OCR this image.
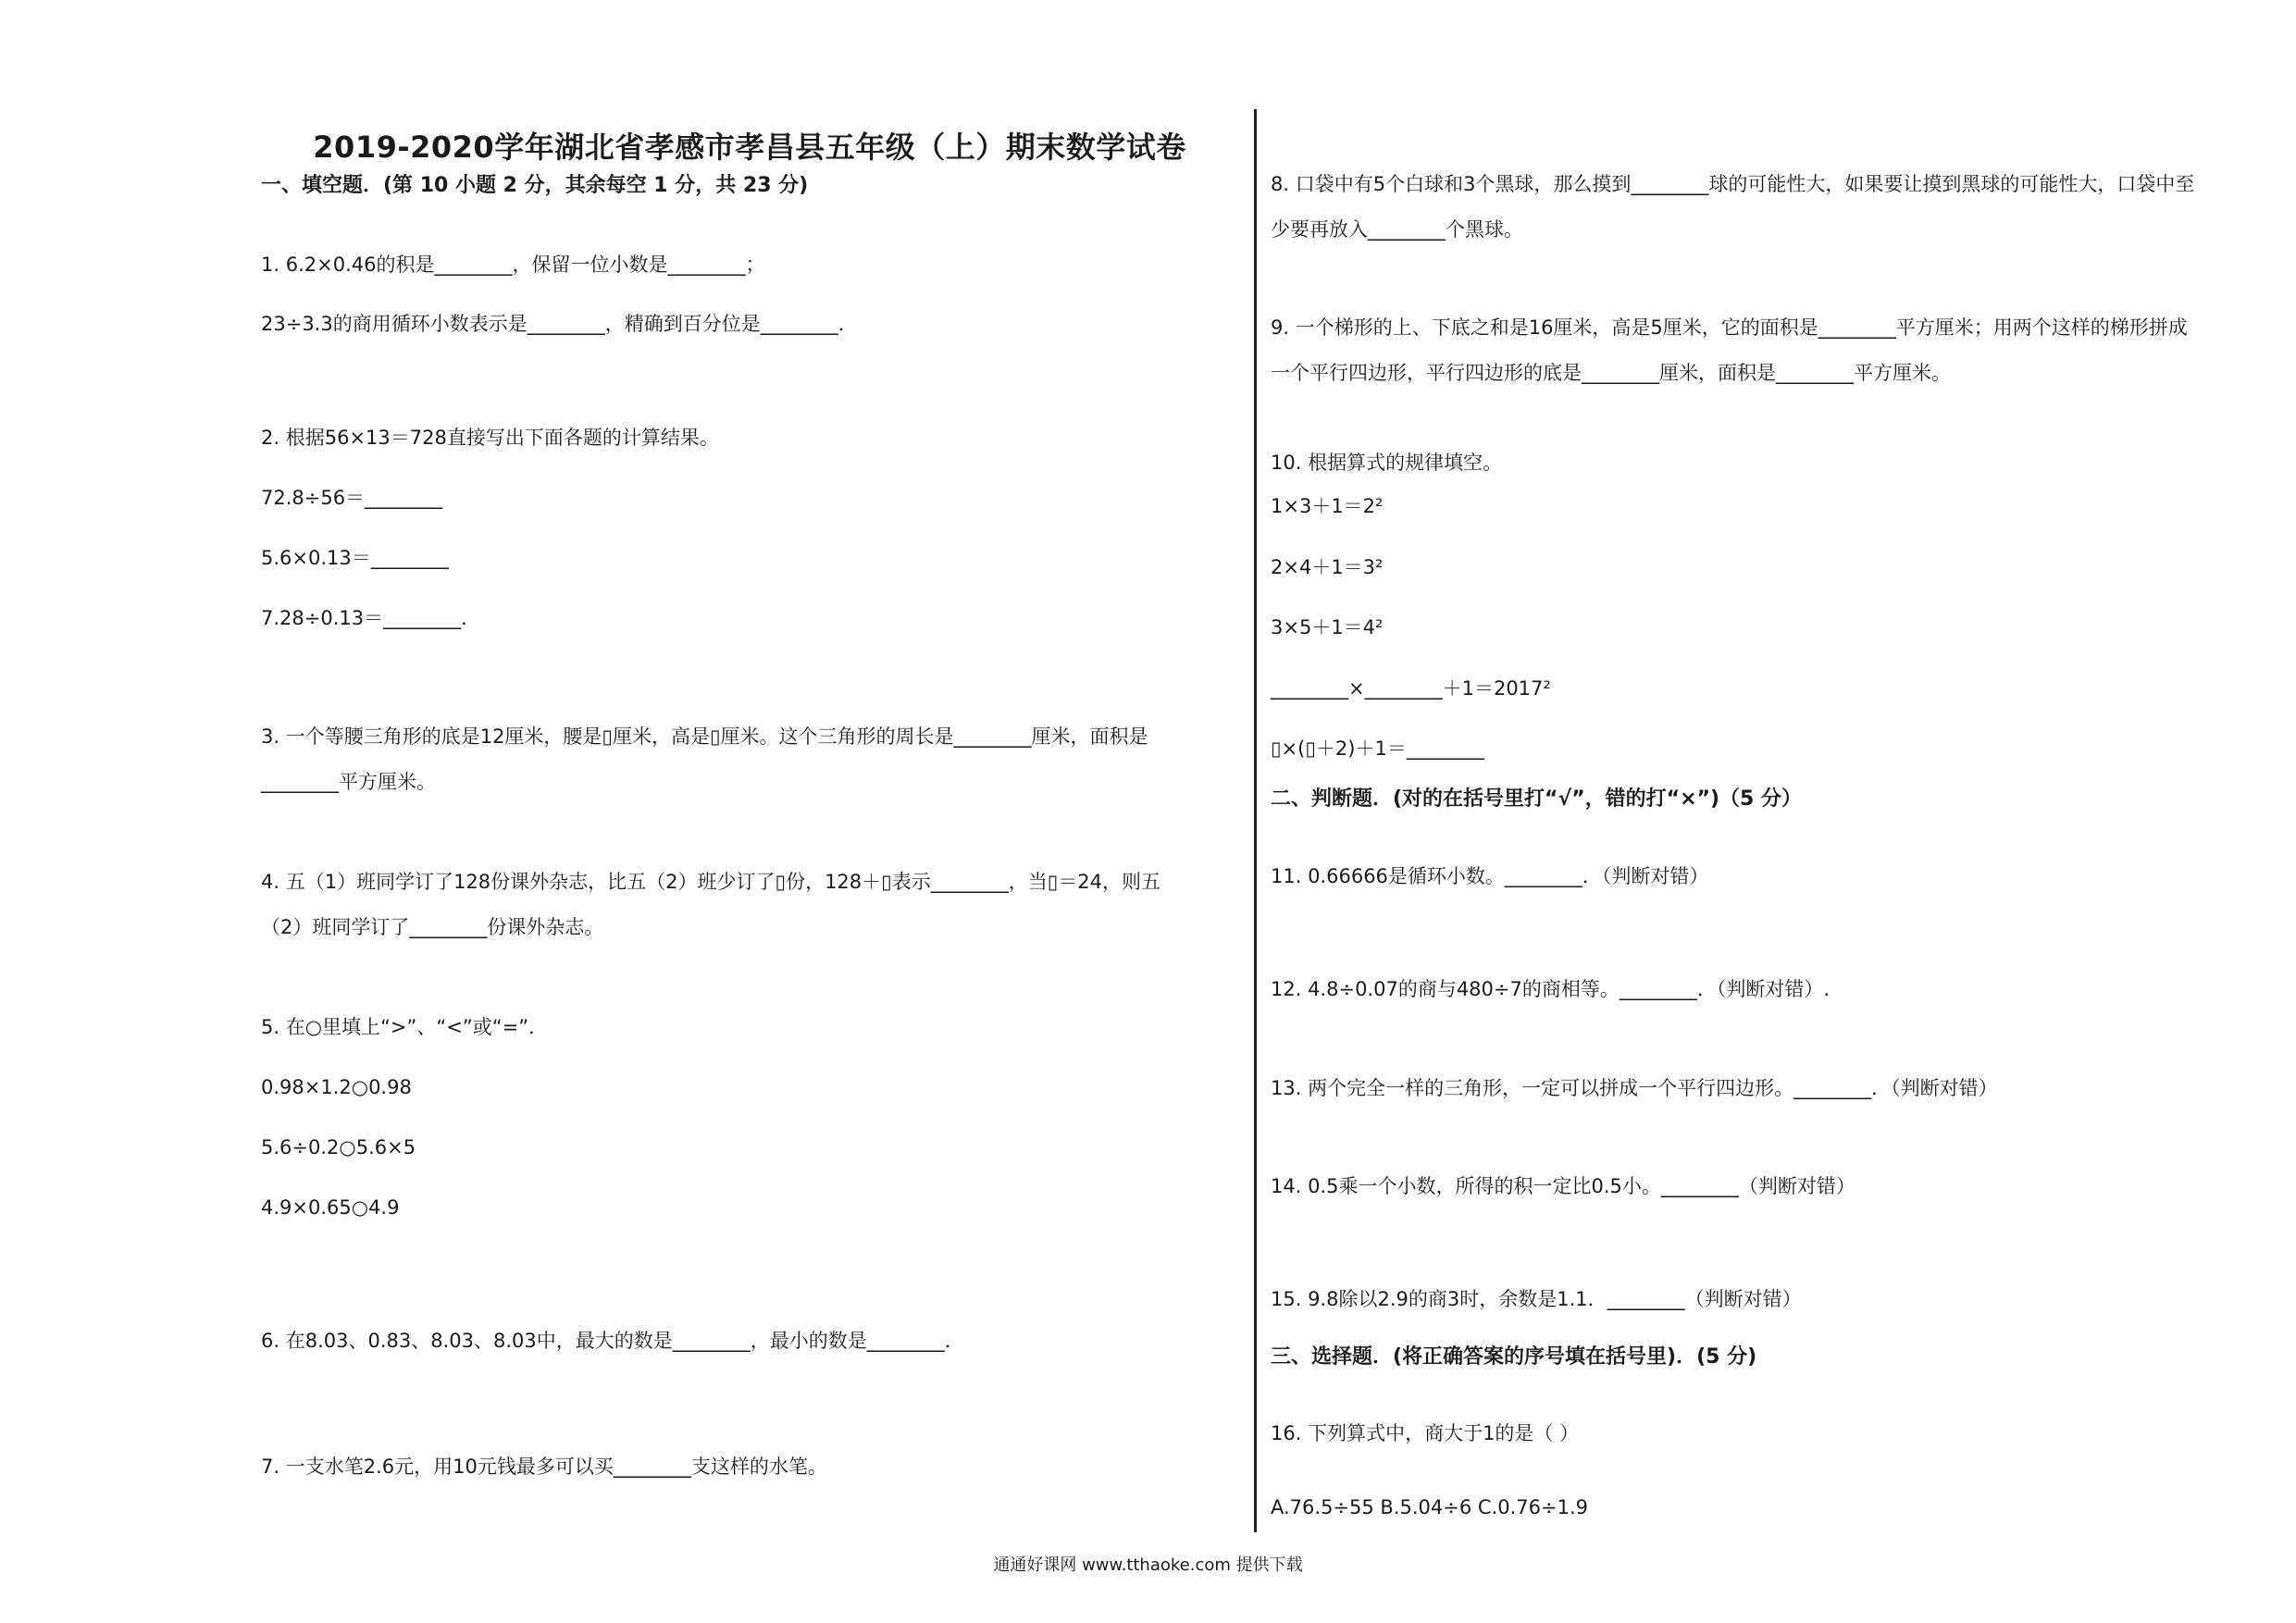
2019-2020学年湖北省孝感市孝昌县五年级（上）期末数学试卷
一、填空题．(第 10 小题 2 分，其余每空 1 分，共 23 分)
1. 6.2×0.46的积是________，保留一位小数是________；
23÷3.3的商用循环小数表示是________，精确到百分位是________．
2. 根据56×13＝728直接写出下面各题的计算结果。
72.8÷56＝________
5.6×0.13＝________
7.28÷0.13＝________．
3. 一个等腰三角形的底是12厘米，腰是▯厘米，高是▯厘米。这个三角形的周长是________厘米，面积是
________平方厘米。
4. 五（1）班同学订了128份课外杂志，比五（2）班少订了▯份，128＋▯表示________，当▯＝24，则五
（2）班同学订了________份课外杂志。
5. 在○里填上“>”、“<”或“=”．
0.98×1.2○0.98
5.6÷0.2○5.6×5
4.9×0.65○4.9
6. 在8.03、0.83、8.03、8.03中，最大的数是________，最小的数是________．
7. 一支水笔2.6元，用10元钱最多可以买________支这样的水笔。
8. 口袋中有5个白球和3个黑球，那么摸到________球的可能性大，如果要让摸到黑球的可能性大，口袋中至
少要再放入________个黑球。
9. 一个梯形的上、下底之和是16厘米，高是5厘米，它的面积是________平方厘米；用两个这样的梯形拼成
一个平行四边形，平行四边形的底是________厘米，面积是________平方厘米。
10. 根据算式的规律填空。
1×3＋1＝2²
2×4＋1＝3²
3×5＋1＝4²
________×________＋1＝2017²
▯×(▯＋2)＋1＝________
二、判断题．(对的在括号里打“√”，错的打“×”)（5 分）
11. 0.66666是循环小数。________．（判断对错）
12. 4.8÷0.07的商与480÷7的商相等。________．（判断对错）.
13. 两个完全一样的三角形，一定可以拼成一个平行四边形。________．（判断对错）
14. 0.5乘一个小数，所得的积一定比0.5小。________（判断对错）
15. 9.8除以2.9的商3时，余数是1.1．________（判断对错）
三、选择题．(将正确答案的序号填在括号里)．(5 分)
16. 下列算式中，商大于1的是（ ）
A.76.5÷55 B.5.04÷6 C.0.76÷1.9
通通好课网 www.tthaoke.com 提供下载
